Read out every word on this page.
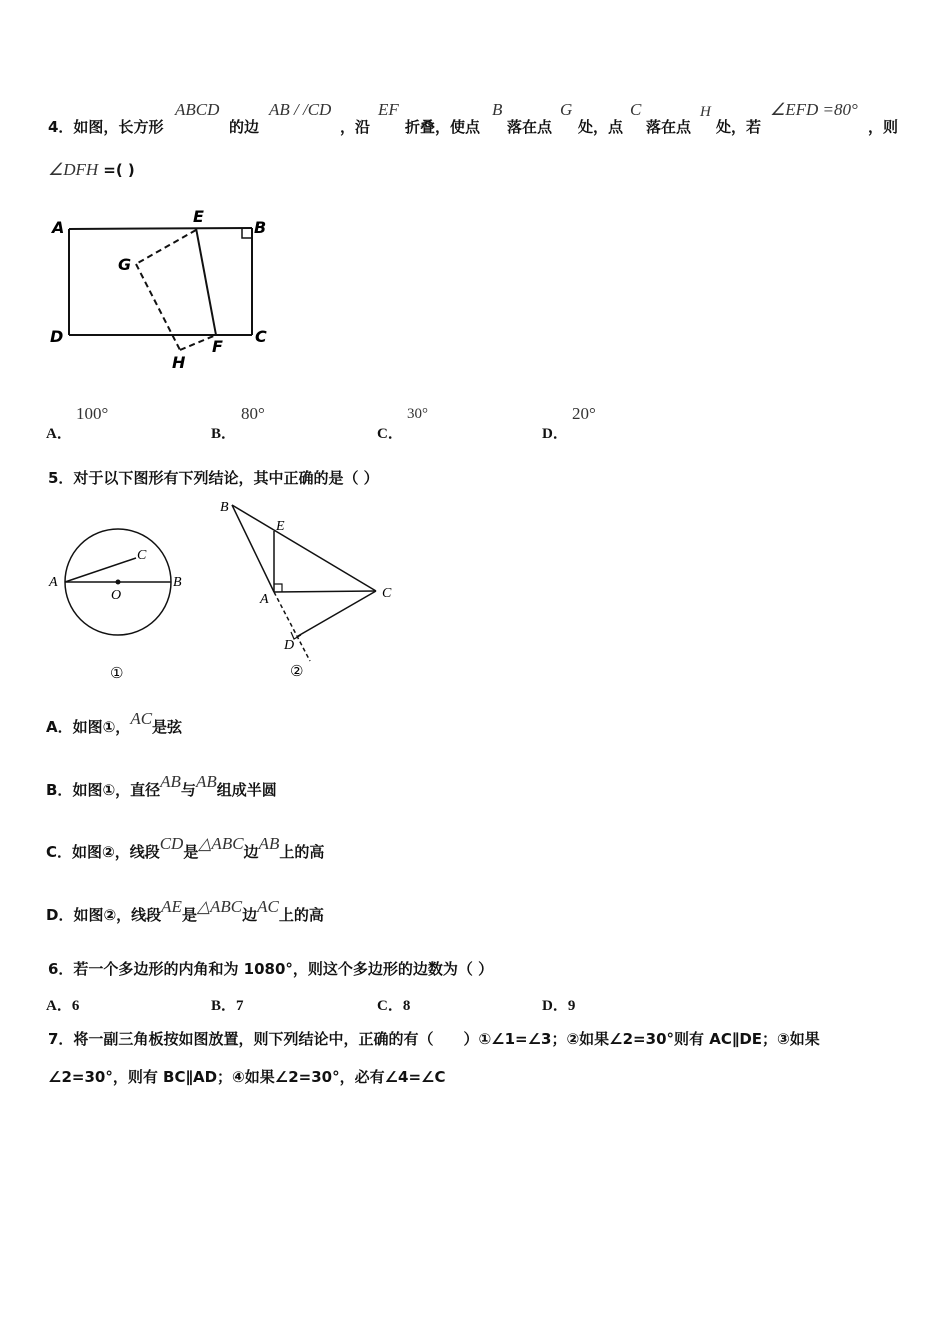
4．如图，长方形
ABCD
的边
AB / /CD
，沿
EF
折叠，使点
B
落在点
G
处，点
C
落在点
H
处，若
∠EFD =80°
，则
∠DFH =( )
A
E
B
G
D	C
H
F
A．
100°
B．
80°
C．
30°
D．
20°
5．对于以下图形有下列结论，其中正确的是（ ）
A	B
C
O
①
B
E
A	C
D
②
A．如图①，AC是弦
B．如图①，直径AB与AB组成半圆
C．如图②，线段CD是△ABC边AB上的高
D．如图②，线段AE是△ABC边AC上的高
6．若一个多边形的内角和为 1080°，则这个多边形的边数为（ ）
A．6	B．7	C．8	D．9
7．将一副三角板按如图放置，则下列结论中，正确的有（　　）①∠1=∠3；②如果∠2=30°则有 AC∥DE；③如果
∠2=30°，则有 BC∥AD；④如果∠2=30°，必有∠4=∠C
